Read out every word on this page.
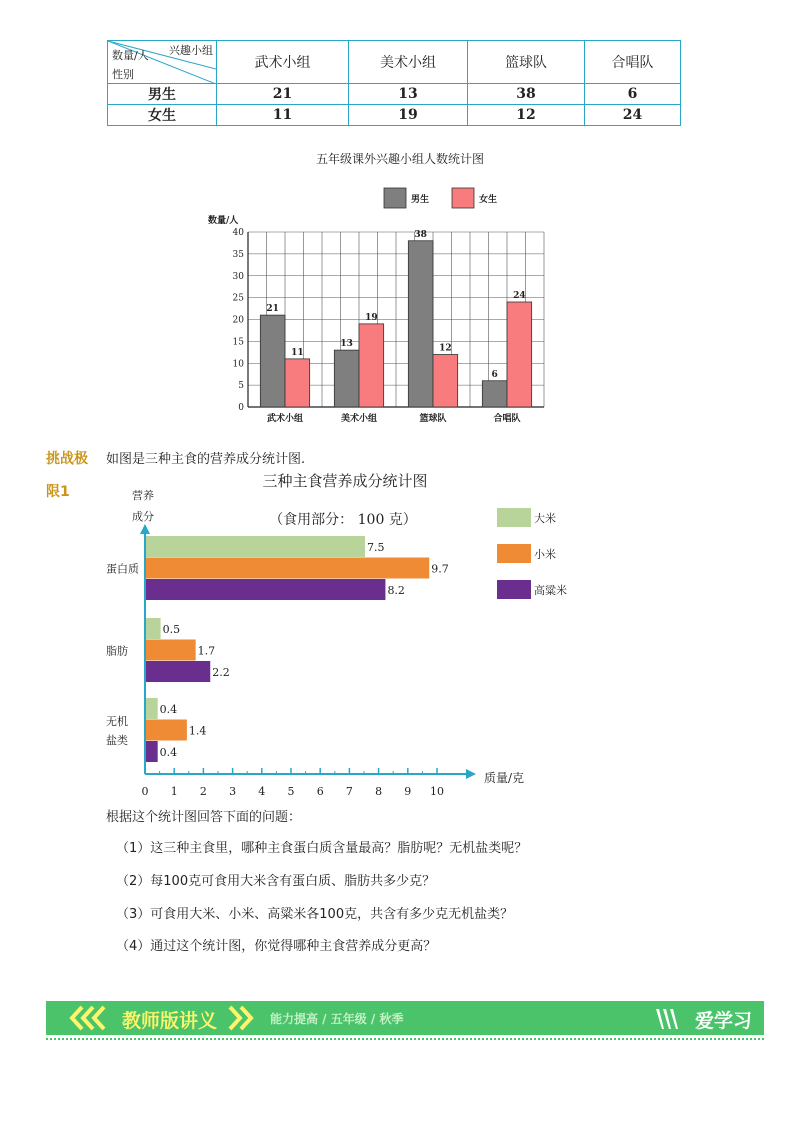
兴趣小组
数量/人
性别	武术小组	美术小组	篮球队	合唱队
男生	21	13	38	6
女生	11	19	12	24
五年级课外兴趣小组人数统计图
0
5
10
15
20
25
30
35
40
数量/人
男生	女生
21
11
武术小组
13
19
美术小组
38
12
篮球队
6
24
合唱队
挑战极
限1
如图是三种主食的营养成分统计图.
三种主食营养成分统计图
（食用部分： 100 克）
营养
成分
质量/克
0 1 2 3 4 5 6 7 8 9 10
7.5
9.7
8.2
蛋白质
0.5
1.7
2.2
脂肪
0.4
1.4
0.4
无机
盐类
大米
小米
高粱米
根据这个统计图回答下面的问题：
（1）这三种主食里，哪种主食蛋白质含量最高？脂肪呢？无机盐类呢？
（2）每100克可食用大米含有蛋白质、脂肪共多少克？
（3）可食用大米、小米、高粱米各100克，共含有多少克无机盐类？
（4）通过这个统计图，你觉得哪种主食营养成分更高？
教师版讲义	能力提高 / 五年级 / 秋季	爱学习
